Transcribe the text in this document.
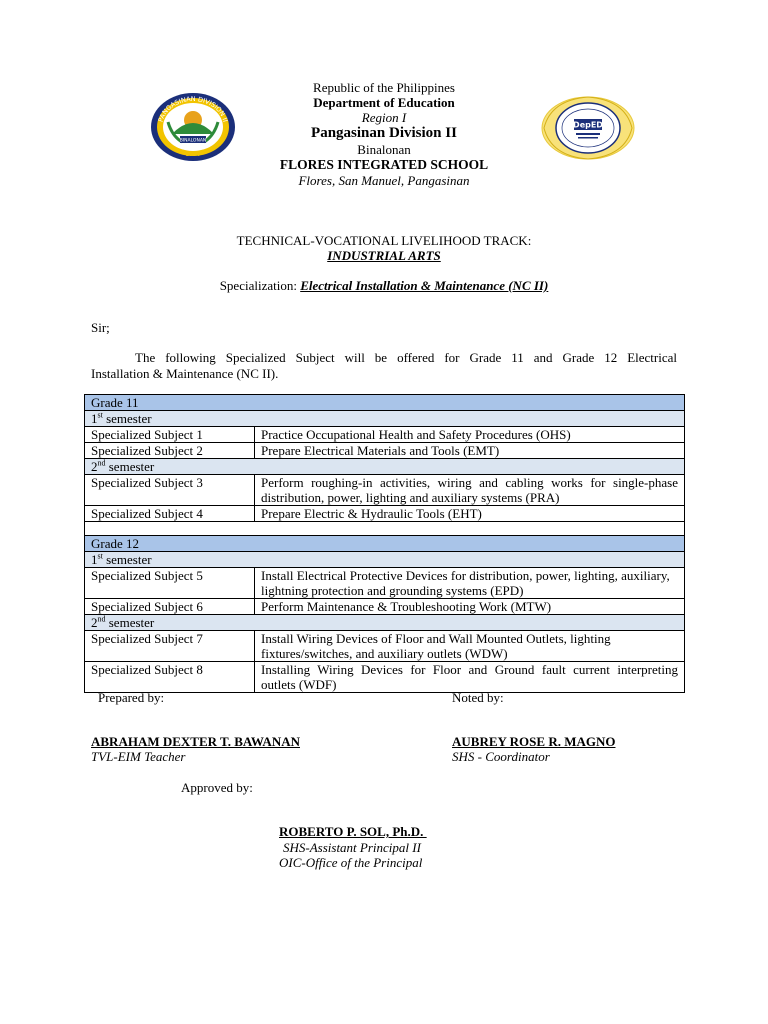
BINALONAN
1990
PANGASINAN DIVISION II	DepED
Republic of the Philippines
Department of Education
Region I
Pangasinan Division II
Binalonan
FLORES INTEGRATED SCHOOL
Flores, San Manuel, Pangasinan
TECHNICAL-VOCATIONAL LIVELIHOOD TRACK:
INDUSTRIAL ARTS
Specialization: Electrical Installation & Maintenance (NC II)
Sir;
The following Specialized Subject will be offered for Grade 11 and Grade 12 Electrical
Installation & Maintenance (NC II).
Grade 11	
1st semester	
Specialized Subject 1	Practice Occupational Health and Safety Procedures (OHS)
Specialized Subject 2	Prepare Electrical Materials and Tools (EMT)
2nd semester	
Specialized Subject 3	Perform roughing-in activities, wiring and cabling works for single-phase distribution, power, lighting and auxiliary systems (PRA)
Specialized Subject 4	Prepare Electric & Hydraulic Tools (EHT)

Grade 12	
1st semester	
Specialized Subject 5	Install Electrical Protective Devices for distribution, power, lighting, auxiliary, lightning protection and grounding systems (EPD)
Specialized Subject 6	Perform Maintenance & Troubleshooting Work (MTW)
2nd semester	
Specialized Subject 7	Install Wiring Devices of Floor and Wall Mounted Outlets, lighting fixtures/switches, and auxiliary outlets (WDW)
Specialized Subject 8	Installing Wiring Devices for Floor and Ground fault current interpreting outlets (WDF)
Prepared by:	Noted by:
ABRAHAM DEXTER T. BAWANAN
TVL-EIM Teacher
AUBREY ROSE R. MAGNO
SHS - Coordinator
Approved by:
ROBERTO P. SOL, Ph.D.
SHS-Assistant Principal II
OIC-Office of the Principal
